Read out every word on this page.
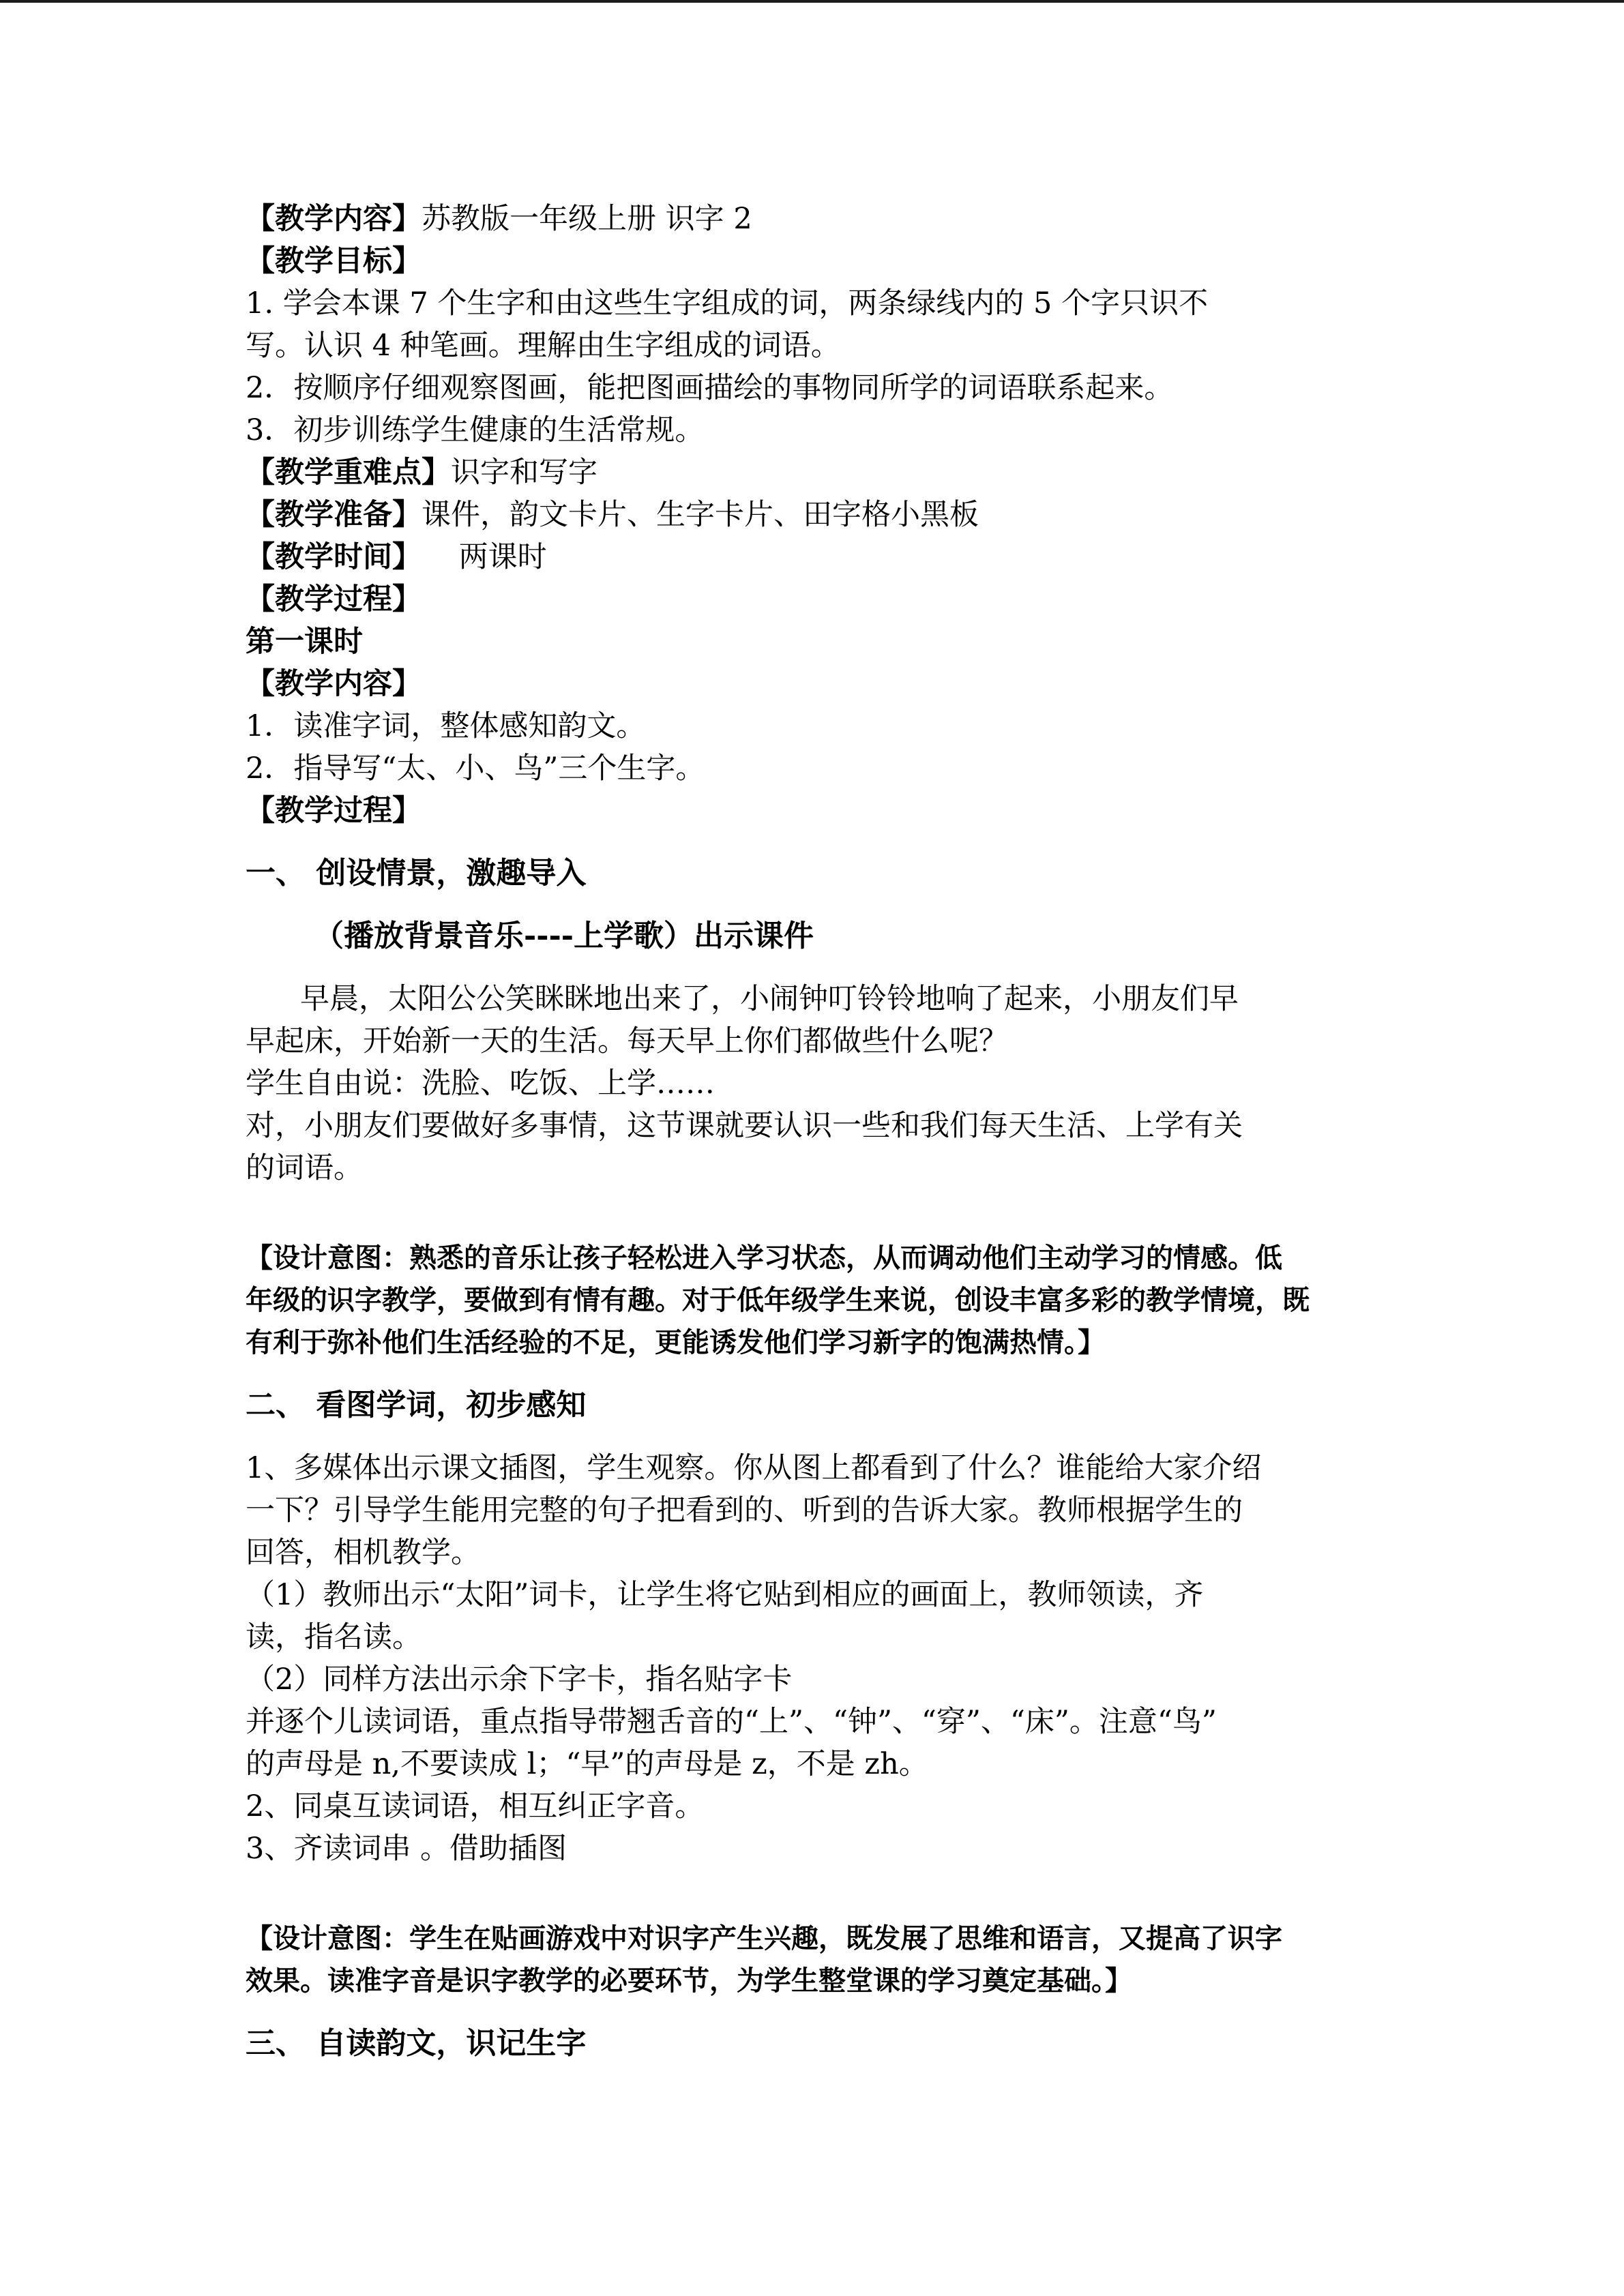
【教学内容】苏教版一年级上册 识字 2
【教学目标】
1. 学会本课 7 个生字和由这些生字组成的词，两条绿线内的 5 个字只识不
写。认识 4 种笔画。理解由生字组成的词语。
2．按顺序仔细观察图画，能把图画描绘的事物同所学的词语联系起来。
3．初步训练学生健康的生活常规。
【教学重难点】识字和写字
【教学准备】课件，韵文卡片、生字卡片、田字格小黑板
【教学时间】    两课时
【教学过程】
第一课时
【教学内容】
1．读准字词，整体感知韵文。
2．指导写“太、小、鸟”三个生字。
【教学过程】
一、 创设情景，激趣导入
（播放背景音乐----上学歌）出示课件
早晨，太阳公公笑眯眯地出来了，小闹钟叮铃铃地响了起来，小朋友们早
早起床，开始新一天的生活。每天早上你们都做些什么呢？
学生自由说：洗脸、吃饭、上学……
对，小朋友们要做好多事情，这节课就要认识一些和我们每天生活、上学有关
的词语。
【设计意图：熟悉的音乐让孩子轻松进入学习状态，从而调动他们主动学习的情感。低
年级的识字教学，要做到有情有趣。对于低年级学生来说，创设丰富多彩的教学情境，既
有利于弥补他们生活经验的不足，更能诱发他们学习新字的饱满热情。】
二、 看图学词，初步感知
1、多媒体出示课文插图，学生观察。你从图上都看到了什么？谁能给大家介绍
一下？引导学生能用完整的句子把看到的、听到的告诉大家。教师根据学生的
回答，相机教学。
（1）教师出示“太阳”词卡，让学生将它贴到相应的画面上，教师领读，齐
读，指名读。
（2）同样方法出示余下字卡，指名贴字卡
并逐个儿读词语，重点指导带翘舌音的“上”、“钟”、“穿”、“床”。注意“鸟”
的声母是 n,不要读成 l；“早”的声母是 z，不是 zh。
2、同桌互读词语，相互纠正字音。
3、齐读词串 。借助插图
【设计意图：学生在贴画游戏中对识字产生兴趣，既发展了思维和语言，又提高了识字
效果。读准字音是识字教学的必要环节，为学生整堂课的学习奠定基础。】
三、 自读韵文，识记生字
